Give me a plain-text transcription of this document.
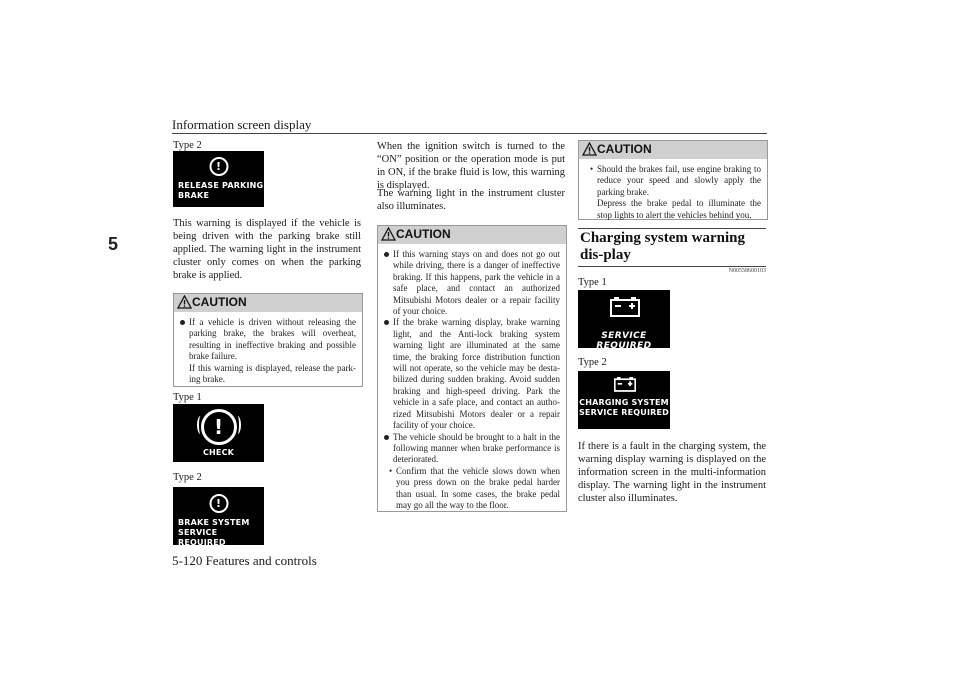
Information screen display
5-120 Features and controls
5
Type 2
!
RELEASE PARKING
BRAKE
This warning is displayed if the vehicle is being driven with the parking brake still applied. The warning light in the instrument cluster only comes on when the parking brake is applied.
CAUTION
If a vehicle is driven without releasing the parking brake, the brakes will overheat, resulting in ineffective braking and possible brake failure.
If this warning is displayed, release the park-ing brake.
Type 1
!
CHECK
Type 2
!
BRAKE SYSTEM
SERVICE REQUIRED
When the ignition switch is turned to the “ON” position or the operation mode is put in ON, if the brake fluid is low, this warning is displayed.
The warning light in the instrument cluster also illuminates.
CAUTION
If this warning stays on and does not go out while driving, there is a danger of ineffective braking. If this happens, park the vehicle in a safe place, and contact an authorized Mitsubishi Motors dealer or a repair facility of your choice.
If the brake warning display, brake warning light, and the Anti-lock braking system warning light are illuminated at the same time, the braking force distribution function will not operate, so the vehicle may be desta-bilized during sudden braking. Avoid sudden braking and high-speed driving. Park the vehicle in a safe place, and contact an autho-rized Mitsubishi Motors dealer or a repair facility of your choice.
The vehicle should be brought to a halt in the following manner when brake performance is deteriorated.
• Confirm that the vehicle slows down when you press down on the brake pedal harder than usual. In some cases, the brake pedal may go all the way to the floor.
CAUTION
• Should the brakes fail, use engine braking to reduce your speed and slowly apply the parking brake.
Depress the brake pedal to illuminate the stop lights to alert the vehicles behind you.
Charging system warning dis-play
N00558600103
Type 1
SERVICE REQUIRED
Type 2
CHARGING SYSTEM
SERVICE REQUIRED
If there is a fault in the charging system, the warning display warning is displayed on the information screen in the multi-information display. The warning light in the instrument cluster also illuminates.
